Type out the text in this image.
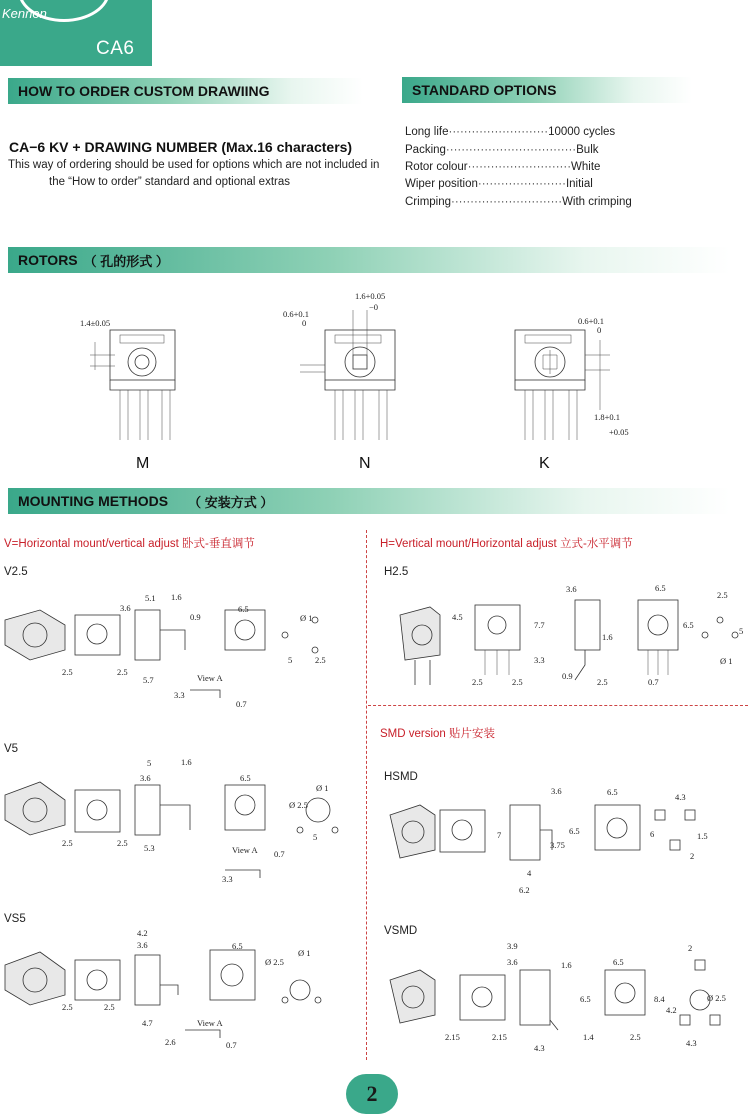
Kennon
CA6
HOW TO ORDER CUSTOM DRAWIING	STANDARD OPTIONS
CA−6 KV + DRAWING NUMBER (Max.16 characters)
This way of ordering should be used for options which are not included in
the “How to order” standard and optional extras
Long life ·························· 10000 cycles
Packing ·································· Bulk
Rotor colour ··························· White
Wiper position ······················· Initial
Crimping ····························· With crimping
ROTORS （ 孔的形式 ）
1.4±0.05
M
1.6+0.05
−0
0.6+0.1
0
N
0.6+0.1
0
1.8+0.1
+0.05
K
MOUNTING METHODS （ 安装方式 ）
V=Horizontal mount/vertical adjust 卧式-垂直调节	H=Vertical mount/Horizontal adjust 立式-水平调节
SMD version 贴片安装
V2.5
2.5	2.5
3.6
5.1 1.6
0.9
6.5
Ø 1
5.7
3.3
View A
0.7
5	2.5
V5
2.5	2.5 5.3
5
3.6
1.6
6.5
Ø 2.5
Ø 1
5
View A 0.7
3.3
VS5
2.5	2.5
4.2
3.6
4.7
6.5
Ø 2.5
Ø 1
View A
2.6	0.7
H2.5
4.5
7.7
3.3
2.5	2.5
3.6
1.6
0.9
2.5
6.5
6.5
0.7
2.5
5
Ø 1
HSMD
3.6
7
3.75
4
6.2
6.5
6.5
4.3
6	1.5
2
VSMD
3.9
3.6	1.6
2.15	2.15
4.3
6.5
6.5
1.4	2.5
2
8.4
4.2
Ø 2.5
4.3
2
